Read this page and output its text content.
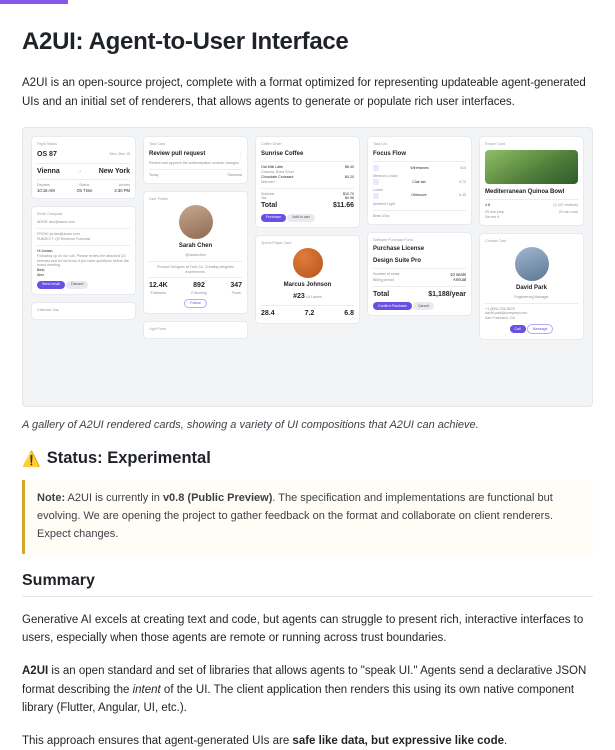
A2UI: Agent-to-User Interface

A2UI is an open-source project, complete with a format optimized for representing updateable agent-generated UIs and an initial set of renderers, that allows agents to generate or populate rich user interfaces.

Flight Status
OS 87	Mon, Dec 15
Vienna	→ New York
Departs	Status	Arrives
10:15 AM	On Time	2:30 PM
Email Compose
ADDR: dev@acme.com
FROM: jordan@acme.com
SUBJECT: Q3 Revenue Forecast
Hi Jordan,
Following up on our call. Please review the attached Q3 forecast and let me know if you have questions before the board meeting.
Best,
Alex
Send email	Discard
Calendar Day
Task Card
Review pull request	⋮
Review and approve the authentication module changes.
Today ·	Standard
User Profile
Sarah Chen
@sarahchen
Product Designer at Tech Co. Creating delightful experiences.
12.4K
Followers
892
Following
347
Posts
Follow
Light Form
Coffee Order
Sunrise Coffee
Oat Milk Latte	$6.40
Granola, Extra Short
Chocolate Croissant	$4.20
Warmed
Subtotal	$10.70
Tax	$0.96
Total	$11.66
Purchase	Add to cart
Sports Player Card
Marcus Johnson
#23 LA Lakers
28.4	7.2	6.8
Task List
Focus Flow
Wireframes	#10
Memcon Linaro
Clair tab	0.72
Lorem
Obtrusive	#.45
Ambient Light
Brian Zhio
Software Purchase Form
Purchase License
Design Suite Pro
Number of seats	10 seats
Billing period	Annual
Total	$1,188/year
Confirm Purchase	Cancel
Recipe Card
Mediterranean Quinoa Bowl
4.8	(1,247 reviews)
25 min prep	20 min cook
Serves 4
Contact Card
David Park
Engineering Manager
+1 (555) 234-5678
david.park@company.com
San Francisco, CA
Call	Message

A gallery of A2UI rendered cards, showing a variety of UI compositions that A2UI can achieve.

⚠️ Status: Experimental
Note: A2UI is currently in v0.8 (Public Preview). The specification and implementations are functional but evolving. We are opening the project to gather feedback on the format and collaborate on client renderers. Expect changes.
Summary

Generative AI excels at creating text and code, but agents can struggle to present rich, interactive interfaces to users, especially when those agents are remote or running across trust boundaries.

A2UI is an open standard and set of libraries that allows agents to "speak UI." Agents send a declarative JSON format describing the intent of the UI. The client application then renders this using its own native component library (Flutter, Angular, UI, etc.).

This approach ensures that agent-generated UIs are safe like data, but expressive like code.
